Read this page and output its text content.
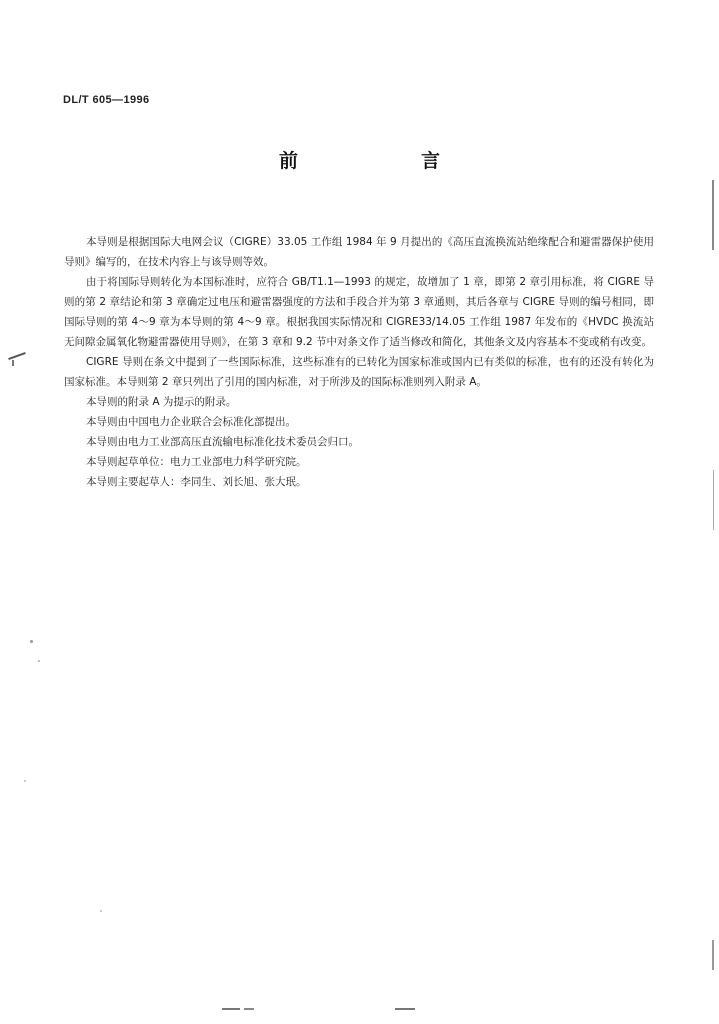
DL/T 605—1996
前　言

本导则是根据国际大电网会议（CIGRE）33.05 工作组 1984 年 9 月提出的《高压直流换流站绝缘配合和避雷器保护使用导则》编写的，在技术内容上与该导则等效。

由于将国际导则转化为本国标准时，应符合 GB/T1.1—1993 的规定，故增加了 1 章，即第 2 章引用标准，将 CIGRE 导则的第 2 章结论和第 3 章确定过电压和避雷器强度的方法和手段合并为第 3 章通则，其后各章与 CIGRE 导则的编号相同，即国际导则的第 4～9 章为本导则的第 4～9 章。根据我国实际情况和 CIGRE33/14.05 工作组 1987 年发布的《HVDC 换流站无间隙金属氧化物避雷器使用导则》，在第 3 章和 9.2 节中对条文作了适当修改和简化，其他条文及内容基本不变或稍有改变。

CIGRE 导则在条文中提到了一些国际标准，这些标准有的已转化为国家标准或国内已有类似的标准，也有的还没有转化为国家标准。本导则第 2 章只列出了引用的国内标准，对于所涉及的国际标准则列入附录 A。

本导则的附录 A 为提示的附录。

本导则由中国电力企业联合会标准化部提出。

本导则由电力工业部高压直流输电标准化技术委员会归口。

本导则起草单位：电力工业部电力科学研究院。

本导则主要起草人：李同生、刘长旭、张大珉。
